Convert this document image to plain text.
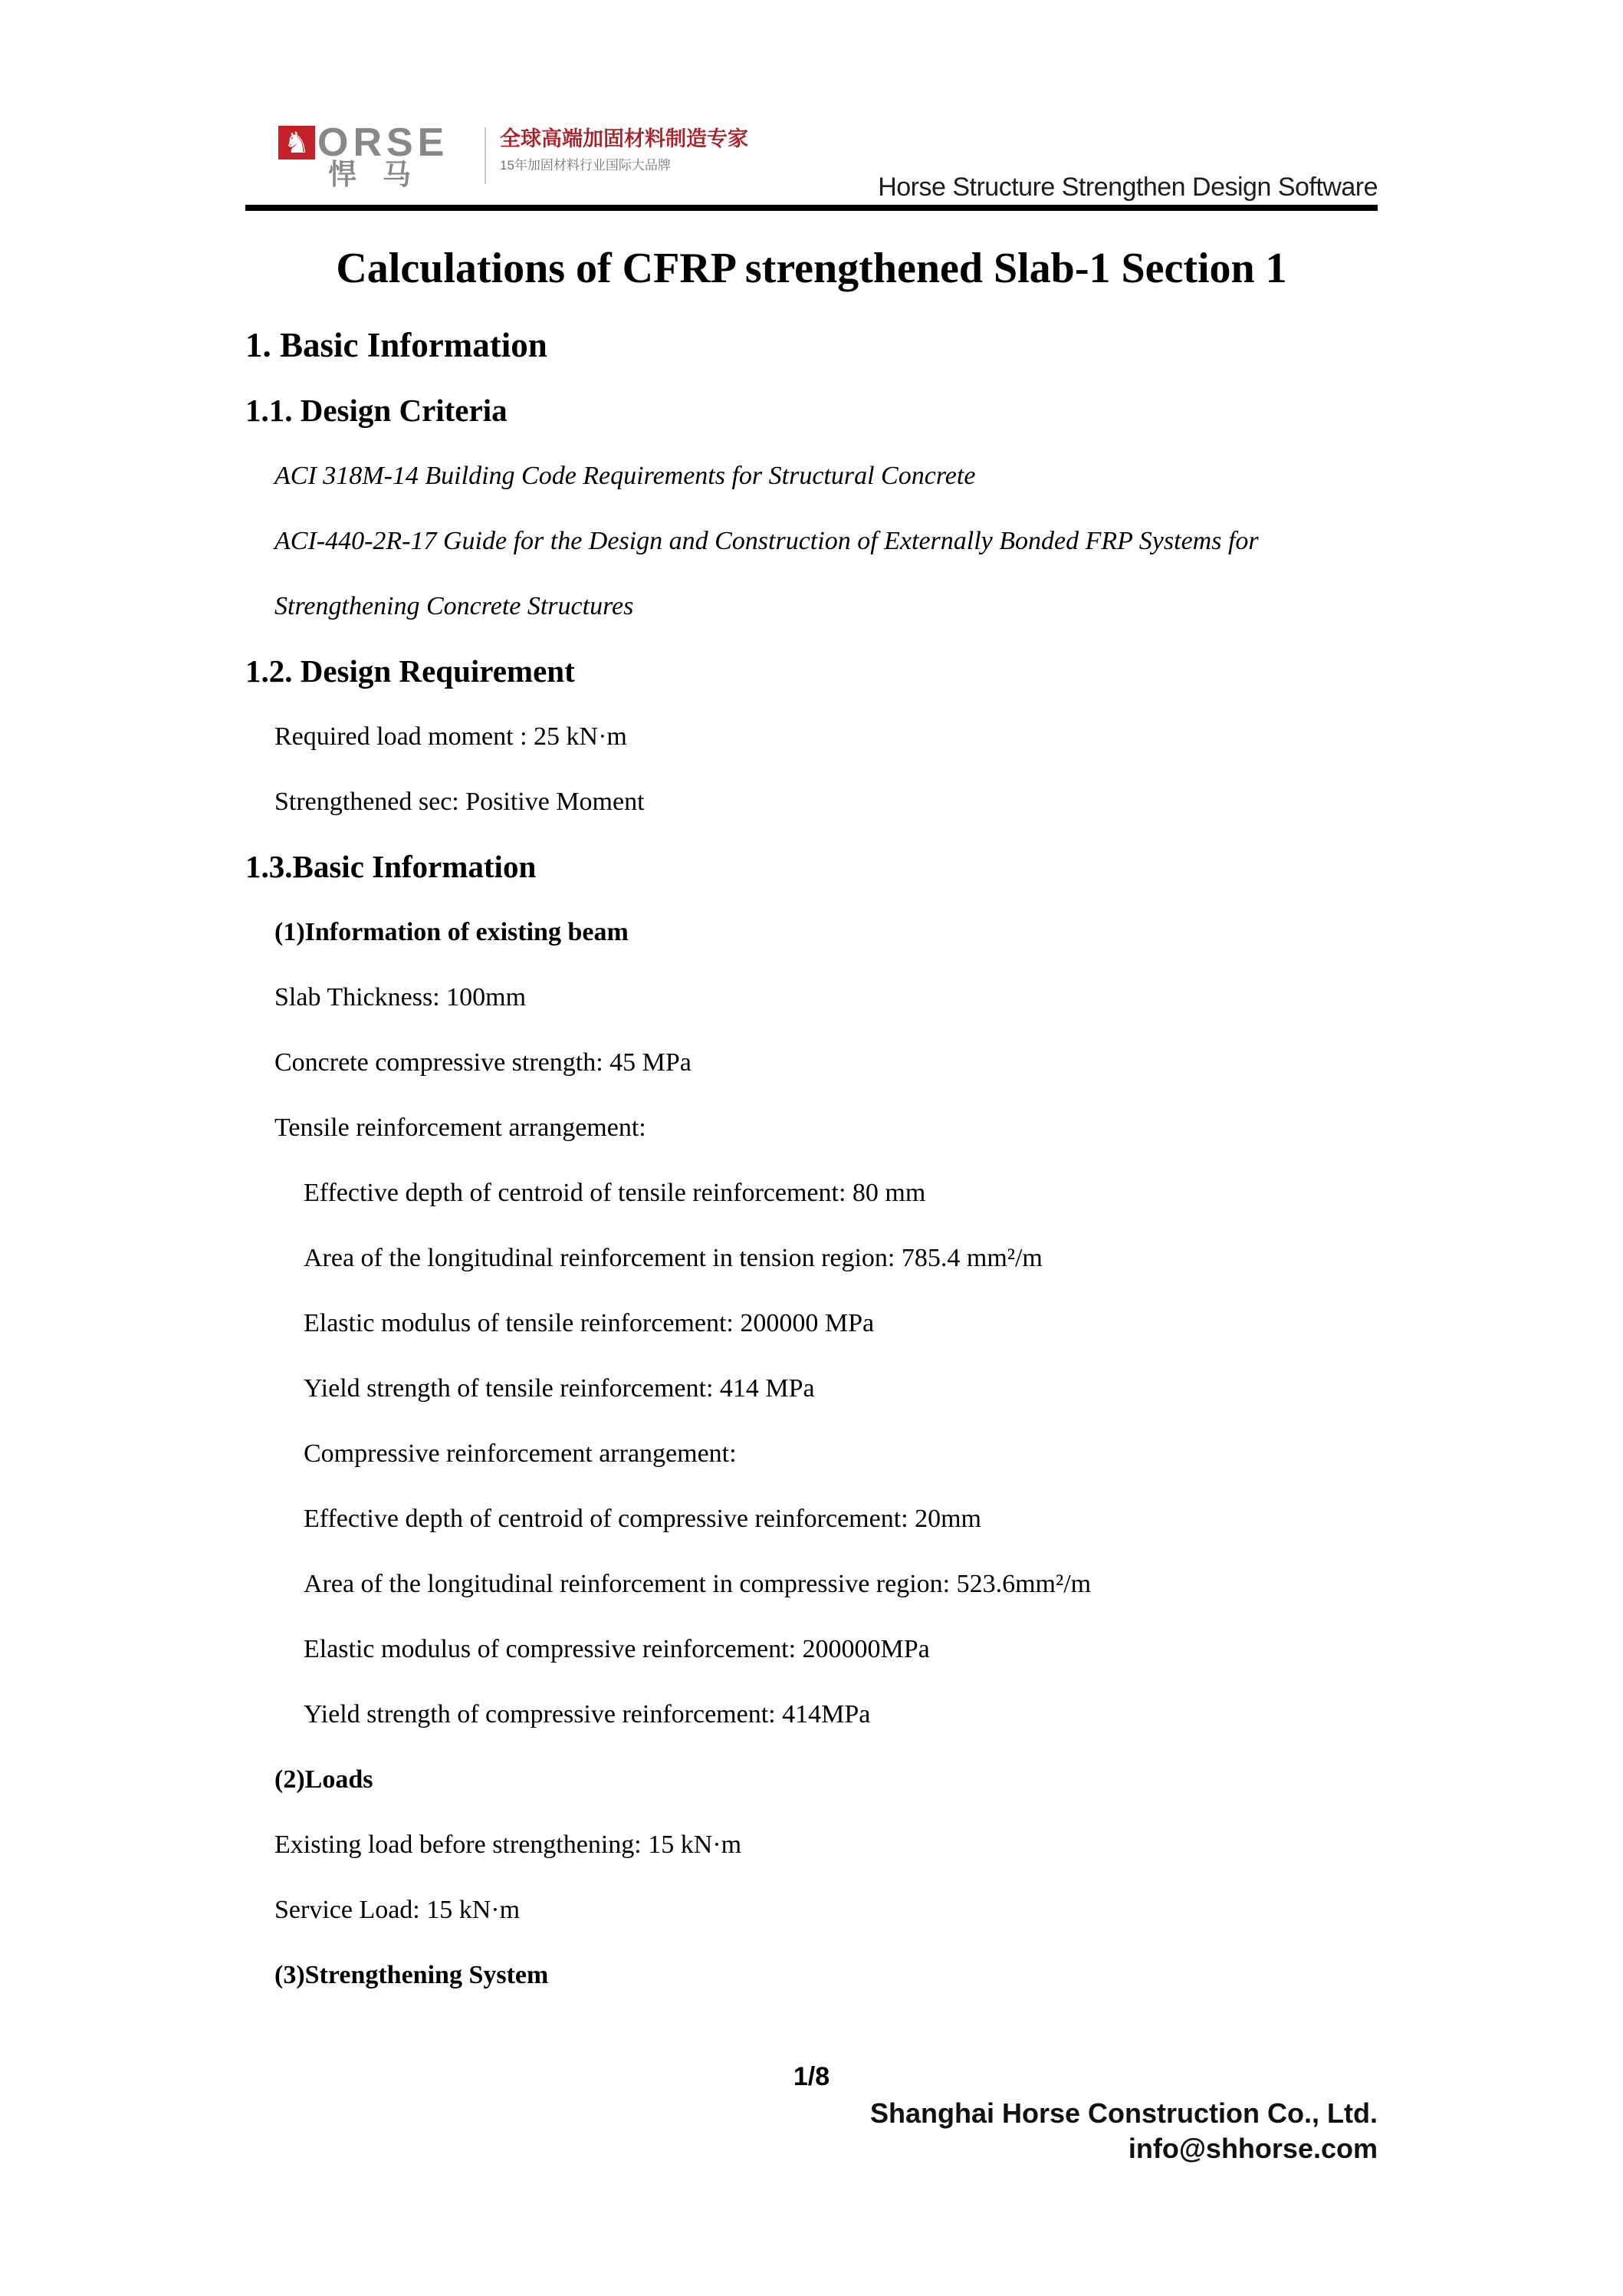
♞ ORSE
悍马
全球高端加固材料制造专家
15年加固材料行业国际大品牌
Horse Structure Strengthen Design Software
Calculations of CFRP strengthened Slab-1 Section 1

1. Basic Information

1.1. Design Criteria

ACI 318M-14 Building Code Requirements for Structural Concrete

ACI-440-2R-17 Guide for the Design and Construction of Externally Bonded FRP Systems for

Strengthening Concrete Structures

1.2. Design Requirement

Required load moment : 25 kN·m

Strengthened sec: Positive Moment

1.3.Basic Information

(1)Information of existing beam

Slab Thickness: 100mm

Concrete compressive strength: 45 MPa

Tensile reinforcement arrangement:

Effective depth of centroid of tensile reinforcement: 80 mm

Area of the longitudinal reinforcement in tension region: 785.4 mm²/m

Elastic modulus of tensile reinforcement: 200000 MPa

Yield strength of tensile reinforcement: 414 MPa

Compressive reinforcement arrangement:

Effective depth of centroid of compressive reinforcement: 20mm

Area of the longitudinal reinforcement in compressive region: 523.6mm²/m

Elastic modulus of compressive reinforcement: 200000MPa

Yield strength of compressive reinforcement: 414MPa

(2)Loads

Existing load before strengthening: 15 kN·m

Service Load: 15 kN·m

(3)Strengthening System

1/8
Shanghai Horse Construction Co., Ltd.
info@shhorse.com
